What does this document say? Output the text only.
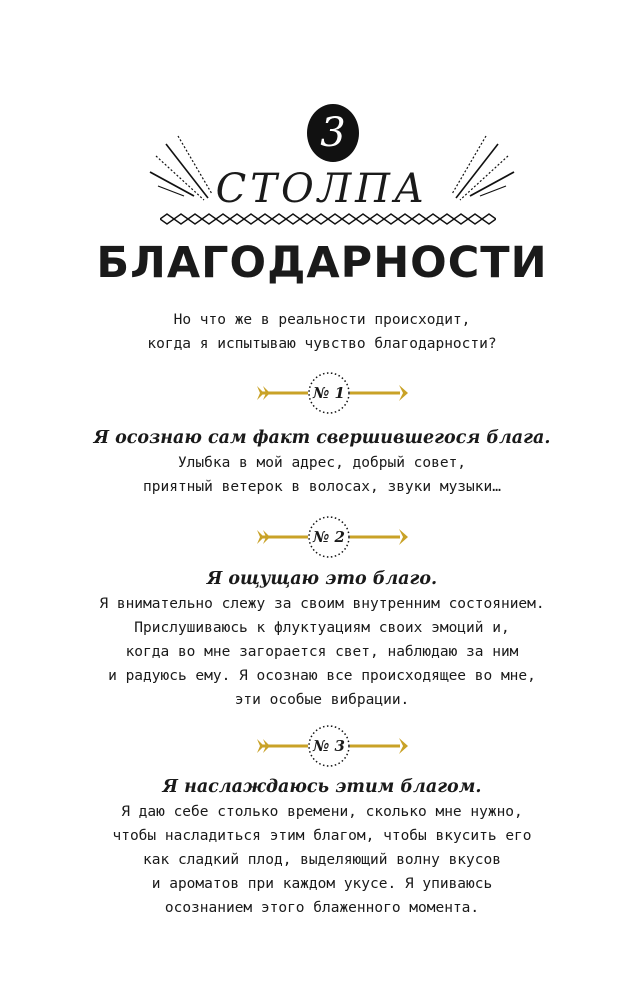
3
СТОЛПА
БЛАГОДАРНОСТИ
Но что же в реальности происходит,
когда я испытываю чувство благодарности?
№ 1
Я осознаю сам факт свершившегося блага.
Улыбка в мой адрес, добрый совет,
приятный ветерок в волосах, звуки музыки…
№ 2
Я ощущаю это благо.
Я внимательно слежу за своим внутренним состоянием.
Прислушиваюсь к флуктуациям своих эмоций и,
когда во мне загорается свет, наблюдаю за ним
и радуюсь ему. Я осознаю все происходящее во мне,
эти особые вибрации.
№ 3
Я наслаждаюсь этим благом.
Я даю себе столько времени, сколько мне нужно,
чтобы насладиться этим благом, чтобы вкусить его
как сладкий плод, выделяющий волну вкусов
и ароматов при каждом укусе. Я упиваюсь
осознанием этого блаженного момента.
